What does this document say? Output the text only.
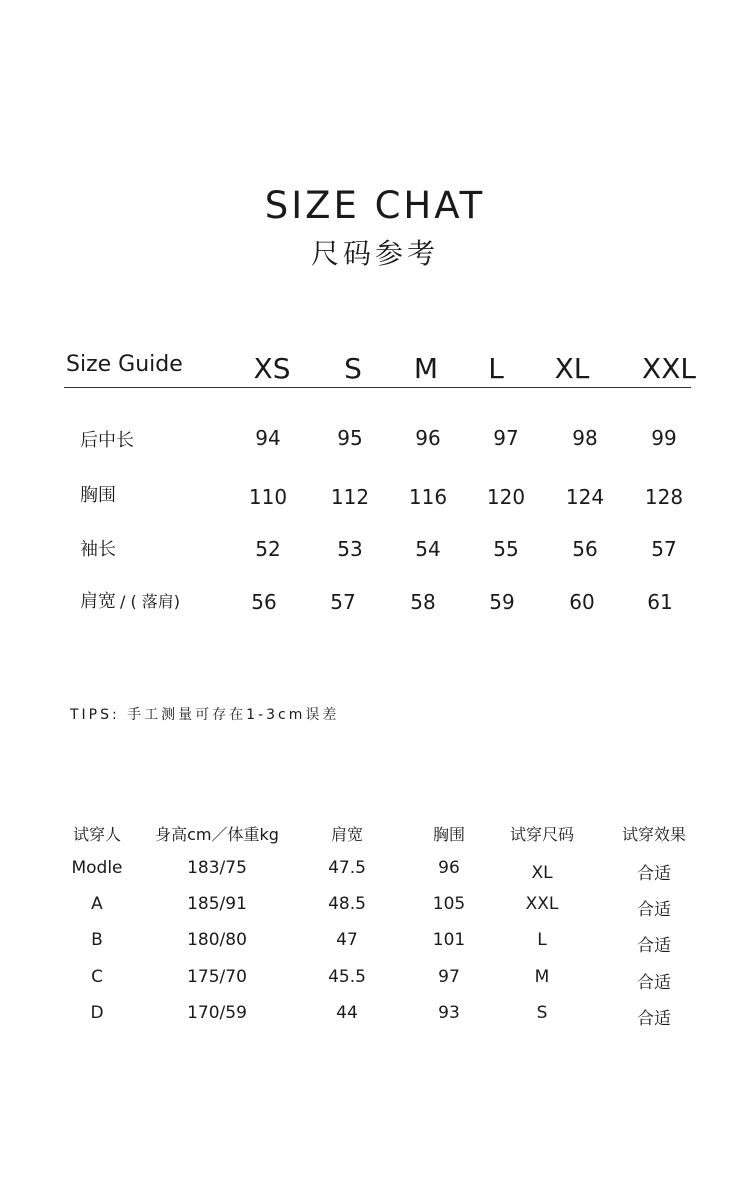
SIZE CHAT
尺码参考
Size Guide	XS S M L XL XXL
后中长	94	95	96	97	98	99
胸围	110 112 116 120 124 128
袖长	52	53	54	55	56	57
肩宽 / ( 落肩)	56	57	58	59	60	61
TIPS: 手工测量可存在1-3cm误差
试穿人 身高cm／体重kg	肩宽	胸围	试穿尺码	试穿效果
Modle	183/75	47.5	96	XL	合适
A	185/91	48.5	105	XXL	合适
B	180/80	47	101	L	合适
C	175/70	45.5	97	M	合适
D	170/59	44	93	S	合适
